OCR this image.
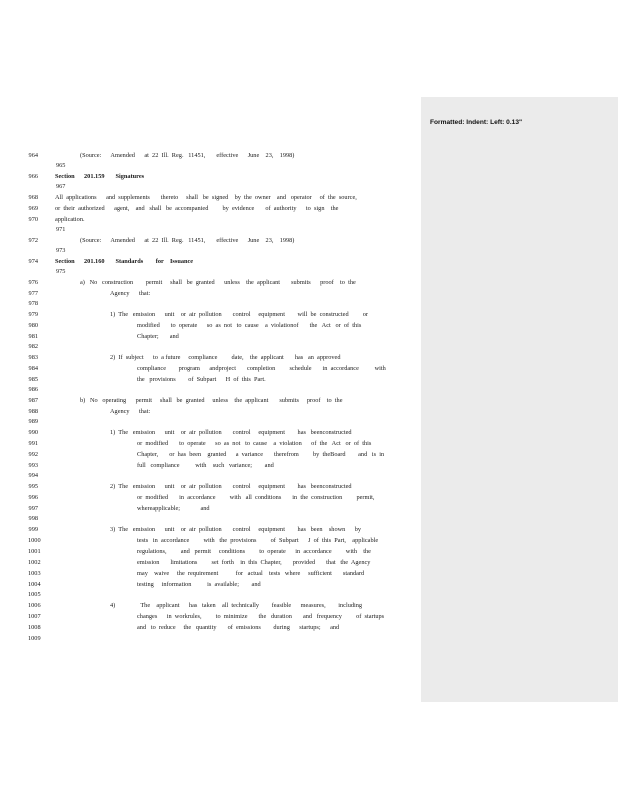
Formatted: Indent: Left: 0.13"
964	(Source:      Amended      at  22  Ill.  Reg.   11451,       effective      June    23,    1998)
965
966	Section      201.159       Signatures
967
968	All  applications      and  supplements       thereto     shall   be  signed    by  the  owner    and   operator     of  the  source,
969	or  their  authorized      agent,    and   shall   be  accompanied         by  evidence       of  authority      to  sign    the
970	application.
971
972	(Source:      Amended      at  22  Ill.  Reg.   11451,       effective      June    23,    1998)
973
974	Section      201.160       Standards        for    Issuance
975
976	a)   No   construction        permit     shall   be  granted      unless    the  applicant       submits      proof    to  the
977	Agency      that:
978
979	1)  The   emission      unit    or  air  pollution       control     equipment        will  be  constructed         or
980	modified       to  operate      so  as  not   to  cause    a  violationof       the   Act   or  of  this
981	Chapter;       and
982
983	2)  If  subject      to  a future     compliance         date,    the  applicant       has   an  approved
984	compliance        program      andproject       completion         schedule       in  accordance          with
985	the   provisions        of  Subpart      H  of  this  Part.
986
987	b)   No   operating      permit     shall   be  granted     unless    the  applicant       submits     proof    to  the
988	Agency      that:
989
990	1)  The   emission      unit    or  air  pollution       control     equipment        has   beenconstructed
991	or  modified       to  operate      so  as  not   to  cause    a  violation      of  the   Act   or  of  this
992	Chapter,       or  has  been    granted      a  variance       therefrom         by  theBoard        and   is  in
993	full   compliance          with    such   variance;        and
994
995	2)  The   emission      unit    or  air  pollution       control     equipment        has   beenconstructed
996	or  modified       in  accordance         with   all  conditions       in  the  construction         permit,
997	whereapplicable;             and
998
999	3)  The   emission      unit    or  air  pollution       control     equipment        has   been    shown      by
1000	tests   in  accordance         with   the  provisions         of  Subpart      J  of  this  Part,    applicable
1001	regulations,         and   permit     conditions         to  operate      in  accordance         with    the
1002	emission       limitations         set  forth    in  this  Chapter,       provided       that   the  Agency
1003	may    waive     the  requirement           for   actual    tests   where     sufficient       standard
1004	testing     information          is  available;        and
1005
1006	4)                The    applicant      has   taken    all  technically        feasible      measures,        including
1007	changes      in  workrules,         to  minimize       the   duration       and   frequency         of  startups
1008	and   to  reduce     the   quantity       of  emissions        during      startups;      and
1009
